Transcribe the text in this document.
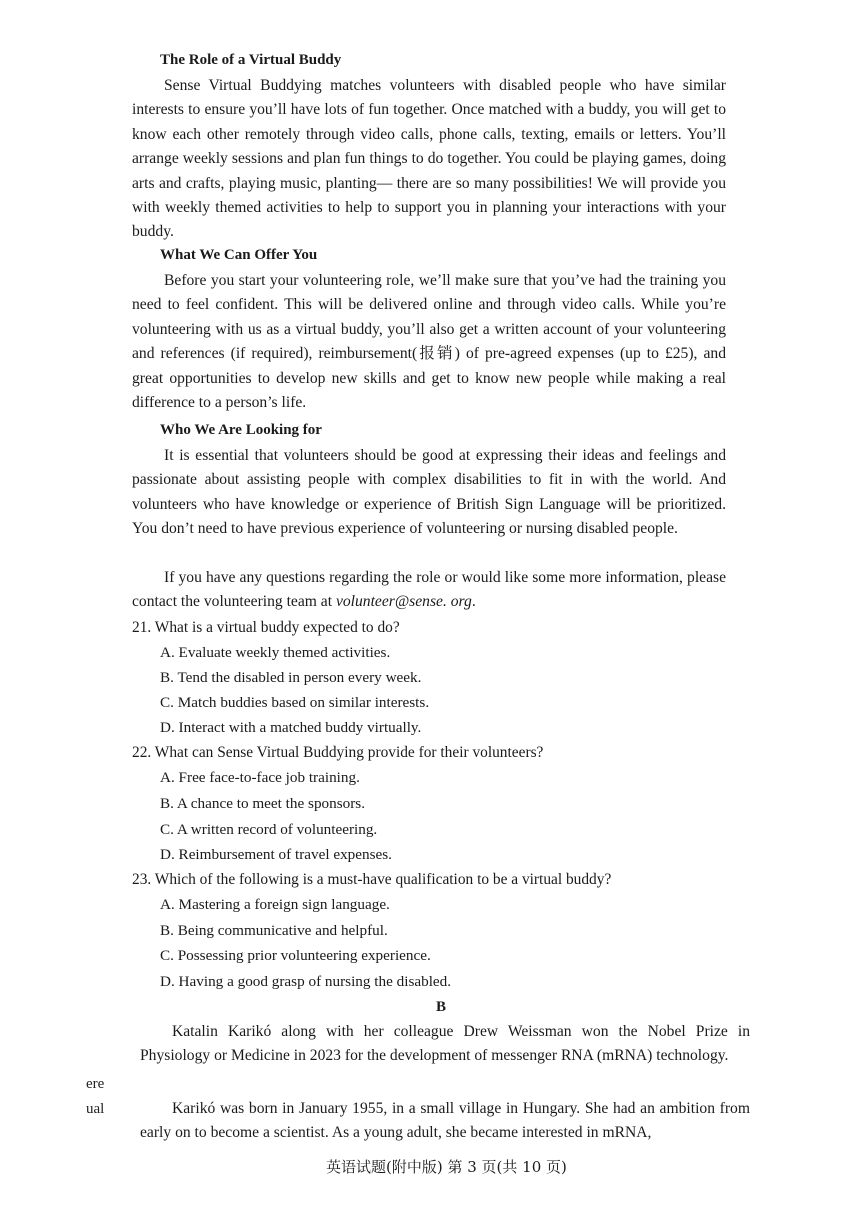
The Role of a Virtual Buddy
Sense Virtual Buddying matches volunteers with disabled people who have similar interests to ensure you’ll have lots of fun together. Once matched with a buddy, you will get to know each other remotely through video calls, phone calls, texting, emails or letters. You’ll arrange weekly sessions and plan fun things to do together. You could be playing games, doing arts and crafts, playing music, planting— there are so many possibilities! We will provide you with weekly themed activities to help to support you in planning your interactions with your buddy.
What We Can Offer You
Before you start your volunteering role, we’ll make sure that you’ve had the training you need to feel confident. This will be delivered online and through video calls. While you’re volunteering with us as a virtual buddy, you’ll also get a written account of your volunteering and references (if required), reimbursement(报销) of pre-agreed expenses (up to £25), and great opportunities to develop new skills and get to know new people while making a real difference to a person’s life.
Who We Are Looking for
It is essential that volunteers should be good at expressing their ideas and feelings and passionate about assisting people with complex disabilities to fit in with the world. And volunteers who have knowledge or experience of British Sign Language will be prioritized. You don’t need to have previous experience of volunteering or nursing disabled people.
If you have any questions regarding the role or would like some more information, please contact the volunteering team at volunteer@sense. org.
21. What is a virtual buddy expected to do?
A. Evaluate weekly themed activities.
B. Tend the disabled in person every week.
C. Match buddies based on similar interests.
D. Interact with a matched buddy virtually.
22. What can Sense Virtual Buddying provide for their volunteers?
A. Free face-to-face job training.
B. A chance to meet the sponsors.
C. A written record of volunteering.
D. Reimbursement of travel expenses.
23. Which of the following is a must-have qualification to be a virtual buddy?
A. Mastering a foreign sign language.
B. Being communicative and helpful.
C. Possessing prior volunteering experience.
D. Having a good grasp of nursing the disabled.
B
Katalin Karikó along with her colleague Drew Weissman won the Nobel Prize in Physiology or Medicine in 2023 for the development of messenger RNA (mRNA) technology.
Karikó was born in January 1955, in a small village in Hungary. She had an ambition from early on to become a scientist. As a young adult, she became interested in mRNA,
ere
ual
英语试题(附中版) 第 3 页(共 10 页)
